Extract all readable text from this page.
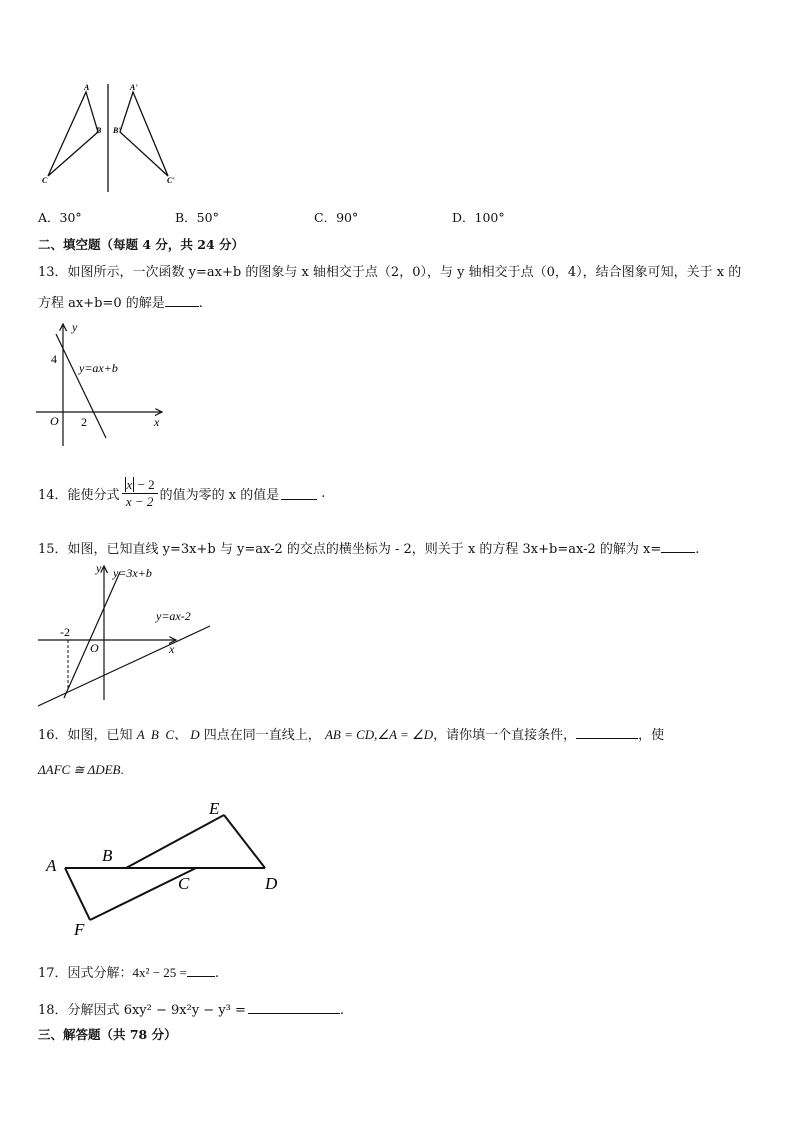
A
B
C
A'
B'
C'
A．30°	B．50°	C．90°	D．100°
二、填空题（每题 4 分，共 24 分）
13．如图所示，一次函数 y=ax+b 的图象与 x 轴相交于点（2，0），与 y 轴相交于点（0，4），结合图象可知，关于 x 的
方程 ax+b=0 的解是	.
y
x
O
4
2
y=ax+b
14．能使分式 $\frac{x - 2}{x - 2}$ 的值为零的 x 的值是	.
15．如图，已知直线 y=3x+b 与 y=ax-2 的交点的横坐标为 - 2，则关于 x 的方程 3x+b=ax-2 的解为 x=	.
y
x
O
-2
y=3x+b
y=ax-2
16．如图，已知 A  B  C、 D 四点在同一直线上， AB = CD,∠A = ∠D，请你填一个直接条件，	，使
ΔAFC ≅ ΔDEB.
A
B
C	D
E
F
17．因式分解：4x² − 25 = .
18．分解因式 6xy² − 9x²y − y³ =	.
三、解答题（共 78 分）
